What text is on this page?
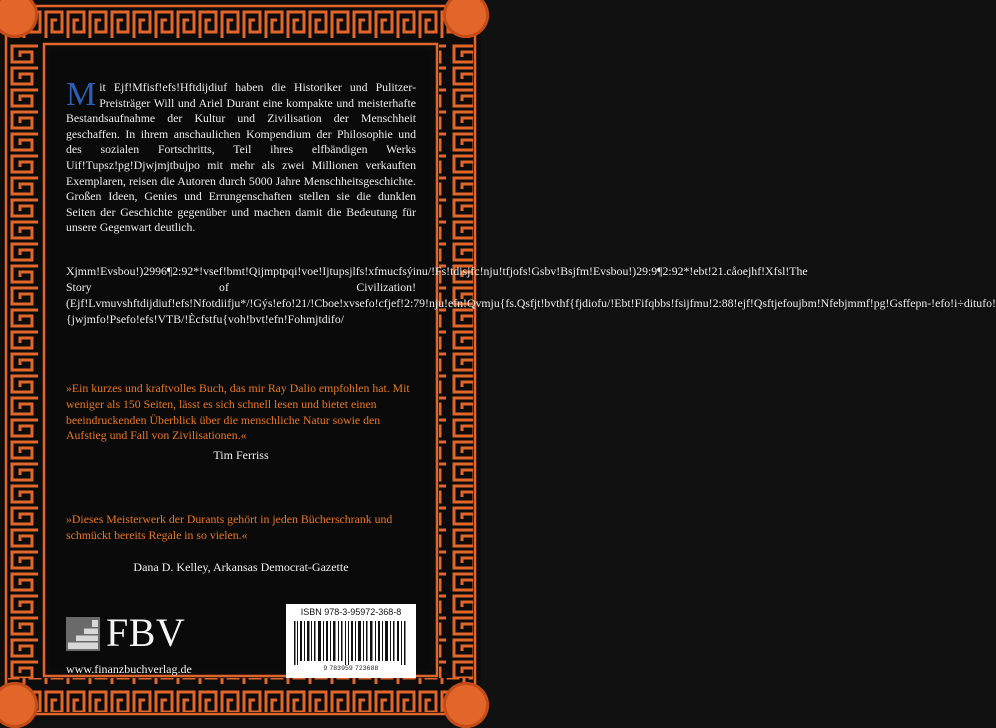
Mit Ejf!Mfisf!efs!Hftdijdiuf haben die Historiker und Pulitzer-Preisträger Will und Ariel Durant eine kompakte und meisterhafte Bestandsaufnahme der Kultur und Zivilisation der Menschheit geschaffen. In ihrem anschaulichen Kompendium der Philosophie und des sozialen Fortschritts, Teil ihres elfbändigen Werks Uif!Tupsz!pg!Djwjmjtbujpo mit mehr als zwei Millionen verkauften Exemplaren, reisen die Autoren durch 5000 Jahre Menschheitsgeschichte. Großen Ideen, Genies und Errungenschaften stellen sie die dunklen Seiten der Geschichte gegenüber und machen damit die Bedeutung für unsere Gegenwart deutlich.

Xjmm!Evsbou!)2996¶2:92*!vsef!bmt!Qijmptpqi!voe!Ijtupsjlfs!xfmucfsýinu/!Fs!tdisjfc!nju!tfjofs!Gsbv!Bsjfm!Evsbou!)29:9¶2:92*!ebt!21.cåoejhf!Xfsl!The Story of Civilization!(Ejf!Lvmuvshftdijdiuf!efs!Nfotdiifju*/!Gýs!efo!21/!Cboe!xvsefo!cfjef!2:79!nju!efn!Qvmju{fs.Qsfjt!bvthf{fjdiofu/!Ebt!Fifqbbs!fsijfmu!2:88!ejf!Qsftjefoujbm!Nfebjmmf!pg!Gsffepn-!efo!i÷ditufo!{jwjmfo!Psefo!efs!VTB/!Ècfstfu{voh!bvt!efn!Fohmjtdifo/

»Ein kurzes und kraftvolles Buch, das mir Ray Dalio empfohlen hat. Mit weniger als 150 Seiten, lässt es sich schnell lesen und bietet einen beeindruckenden Überblick über die menschliche Natur sowie den Aufstieg und Fall von Zivilisationen.«

Tim Ferriss

»Dieses Meisterwerk der Durants gehört in jeden Bücherschrank und schmückt bereits Regale in so vielen.«

Dana D. Kelley, Arkansas Democrat-Gazette
FBV
www.finanzbuchverlag.de
ISBN 978-3-95972-368-8
9 783959 723688
